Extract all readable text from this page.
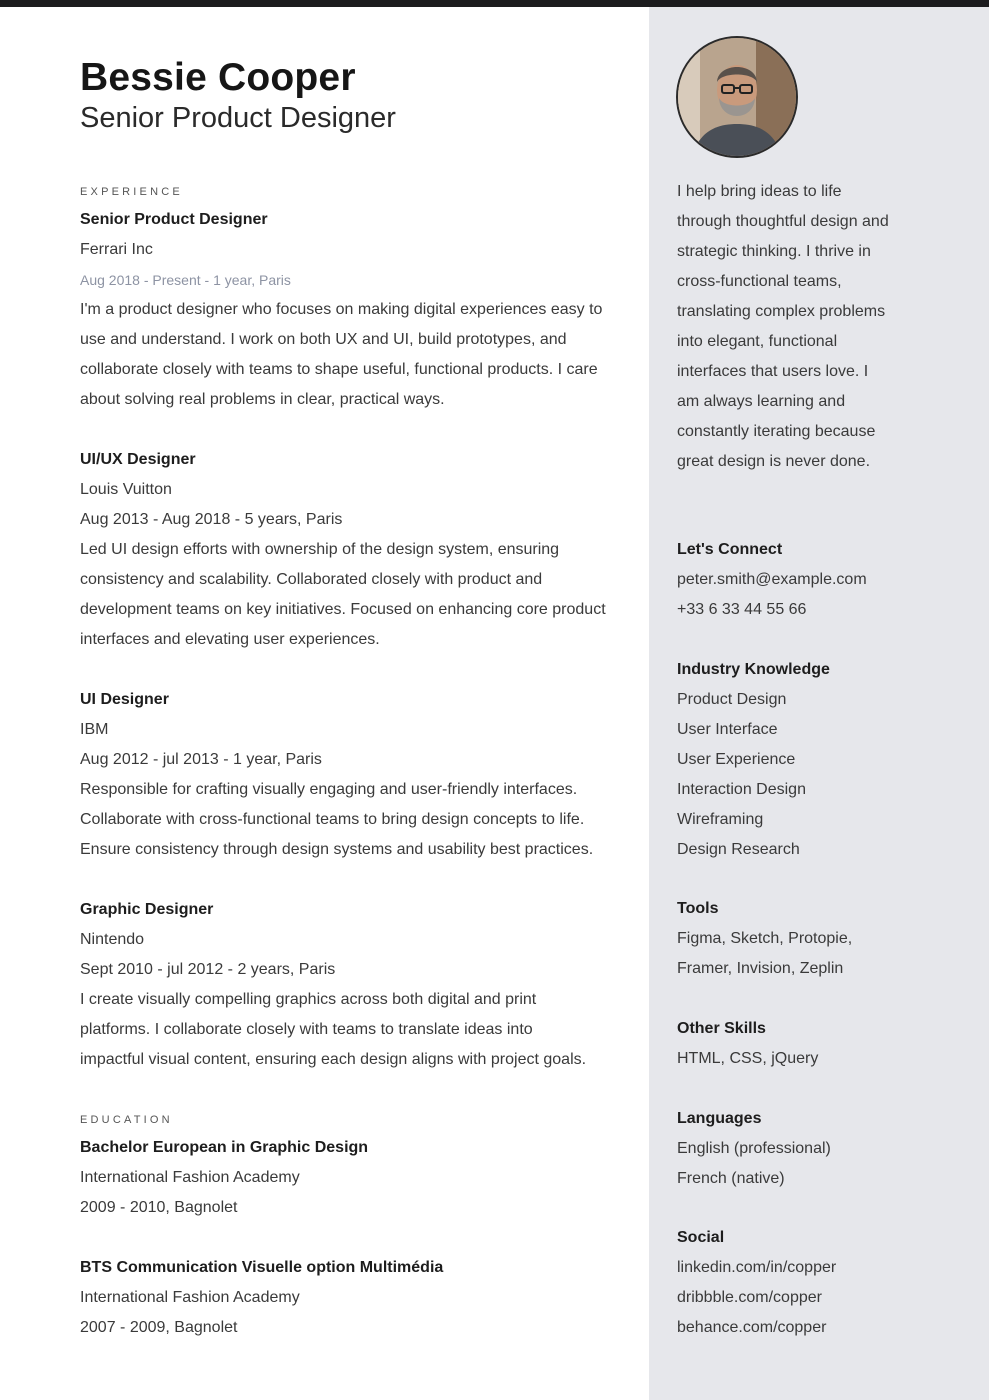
Bessie Cooper

Senior Product Designer

EXPERIENCE
Senior Product Designer
Ferrari Inc
Aug 2018 - Present - 1 year, Paris
I'm a product designer who focuses on making digital experiences easy to
use and understand. I work on both UX and UI, build prototypes, and
collaborate closely with teams to shape useful, functional products. I care
about solving real problems in clear, practical ways.
UI/UX Designer
Louis Vuitton
Aug 2013 - Aug 2018 - 5 years, Paris
Led UI design efforts with ownership of the design system, ensuring
consistency and scalability. Collaborated closely with product and
development teams on key initiatives. Focused on enhancing core product
interfaces and elevating user experiences.
UI Designer
IBM
Aug 2012 - jul 2013 - 1 year, Paris
Responsible for crafting visually engaging and user-friendly interfaces.
Collaborate with cross-functional teams to bring design concepts to life.
Ensure consistency through design systems and usability best practices.
Graphic Designer
Nintendo
Sept 2010 - jul 2012 - 2 years, Paris
I create visually compelling graphics across both digital and print
platforms. I collaborate closely with teams to translate ideas into
impactful visual content, ensuring each design aligns with project goals.
EDUCATION
Bachelor European in Graphic Design
International Fashion Academy
2009 - 2010, Bagnolet
BTS Communication Visuelle option Multimédia
International Fashion Academy
2007 - 2009, Bagnolet
I help bring ideas to life
through thoughtful design and
strategic thinking. I thrive in
cross-functional teams,
translating complex problems
into elegant, functional
interfaces that users love. I
am always learning and
constantly iterating because
great design is never done.
Let's Connect
peter.smith@example.com
+33 6 33 44 55 66
Industry Knowledge
Product Design
User Interface
User Experience
Interaction Design
Wireframing
Design Research
Tools
Figma, Sketch, Protopie,
Framer, Invision, Zeplin
Other Skills
HTML, CSS, jQuery
Languages
English (professional)
French (native)
Social
linkedin.com/in/copper
dribbble.com/copper
behance.com/copper
